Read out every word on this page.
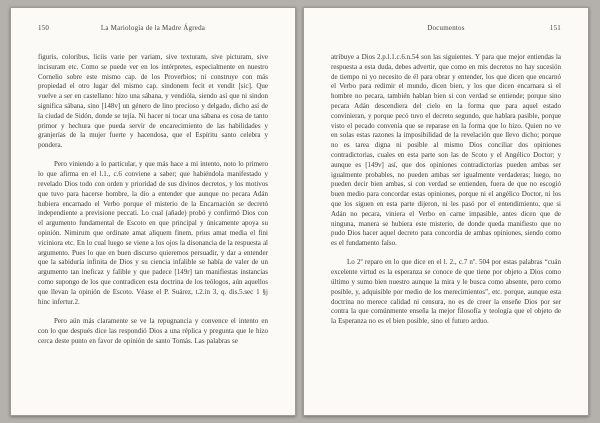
150	La Mariología de la Madre Ágreda

figuris, coloribus, liciis varie per variam, sive texturam, sive picturam, sive incisuram etc. Como se puede ver en los intérpretes, especialmente en nuestro Cornelio sobre este mismo cap. de los Proverbios; ni construye con más propiedad el otro lugar del mismo cap. sindonem fecit et vendit [sic]. Que vuelve a ser en castellano: hizo una sábana, y vendióla, siendo así que ni sindon significa sábana, sino [148v] un género de lino precioso y delgado, dicho así de la ciudad de Sidón, donde se tejía. Ni hacer ni tocar una sábana es cosa de tanto primor y hechura que pueda servir de encarecimiento de las habilidades y granjerías de la mujer fuerte y hacendosa, que el Espíritu santo celebra y pondera.

Pero viniendo a lo particular, y que más hace a mi intento, noto lo primero lo que afirma en el l.1., c.6 conviene a saber; que habiéndola manifestado y revelado Dios todo con orden y prioridad de sus divinos decretos, y los motivos que tuvo para hacerse hombre, la dio a entender que aunque no pecara Adán hubiera encarnado el Verbo porque el misterio de la Encarnación se decretó independiente a previsione peccati. Lo cual (añade) probó y confirmó Dios con el argumento fundamental de Escoto en que principal y únicamente apoya su opinión. Nimirum que ordinate amat aliquem finem, prius amat media el fini viciniora etc. En lo cual luego se viene a los ojos la disonancia de la respuesta al argumento. Pues lo que en buen discurso quieremos persuadir, y dar a entender que la sabiduría infinita de Dios y su ciencia infalible se había de valer de un argumento tan ineficaz y falible y que padece [149r] tan manifiestas instancias como supongo de los que contradicen esta doctrina de los teólogos, aún aquellos que llevan la opinión de Escoto. Véase el P. Suárez, t.2.in 3, q. dis.5.sec 1 §j hinc infertur.2.

Pero aún más claramente se ve la repugnancia y convence el intento en con lo que después dice las respondió Dios a una réplica y pregunta que le hizo cerca deste punto en favor de opinión de santo Tomás. Las palabras se

Documentos	151

atribuye a Dios 2.p.l.1.c.6.n.54 son las siguientes. Y para que mejor entiendas la respuesta a esta duda, debes advertir, que como en mis decretos no hay sucesión de tiempo ni yo necesito de él para obrar y entender, los que dicen que encarnó el Verbo para redimir el mundo, dicen bien, y los que dicen encarnara si el hombre no pecara, también hablan bien si con verdad se entiende; porque sino pecara Adán descendiera del cielo en la forma que para aquel estado convinieran, y porque pecó tuvo el decreto segundo, que hablara pasible, porque visto el pecado convenía que se reparase en la forma que lo hizo. Quien no ve en solas estas razones la imposibilidad de la revelación que llevo dicho; porque no es tarea digna ni posible al mismo Dios conciliar dos opiniones contradictorias, cuales en esta parte son las de Scoto y el Angélico Doctor; y aunque es [149v] así, que dos opiniones contradictorias pueden ambas ser igualmente probables, no pueden ambas ser igualmente verdaderas; luego, no pueden decir bien ambas, si con verdad se entienden, fuera de que no escogió buen medio para concordar estas opiniones, porque ni el angélico Doctor, ni los que los siguen en esta parte dijeron, ni les pasó por el entendimiento, que si Adán no pecara, viniera el Verbo en carne impasible, antes dicen que de ninguna, manera se hubiera este misterio, de donde queda manifiesto que no pudo Dios hacer aquel decreto para concordia de ambas opiniones, siendo como es el fundamento falso.

Lo 2º reparo en lo que dice en el l. 2., c.7 nº. 504 por estas palabras “cuán excelente virtud es la esperanza se conoce de que tiene por objeto a Dios como último y sumo bien nuestro aunque la mira y le busca como absente, pero como posible, y, adquisible por medio de los merecimientos”, etc. porque, aunque esta doctrina no merece calidad ni censura, no es de creer la enseñe Dios por ser contra la que comúnmente enseña la mejor filosofía y teología que el objeto de la Esperanza no es el bien posible, sino el futuro arduo.
